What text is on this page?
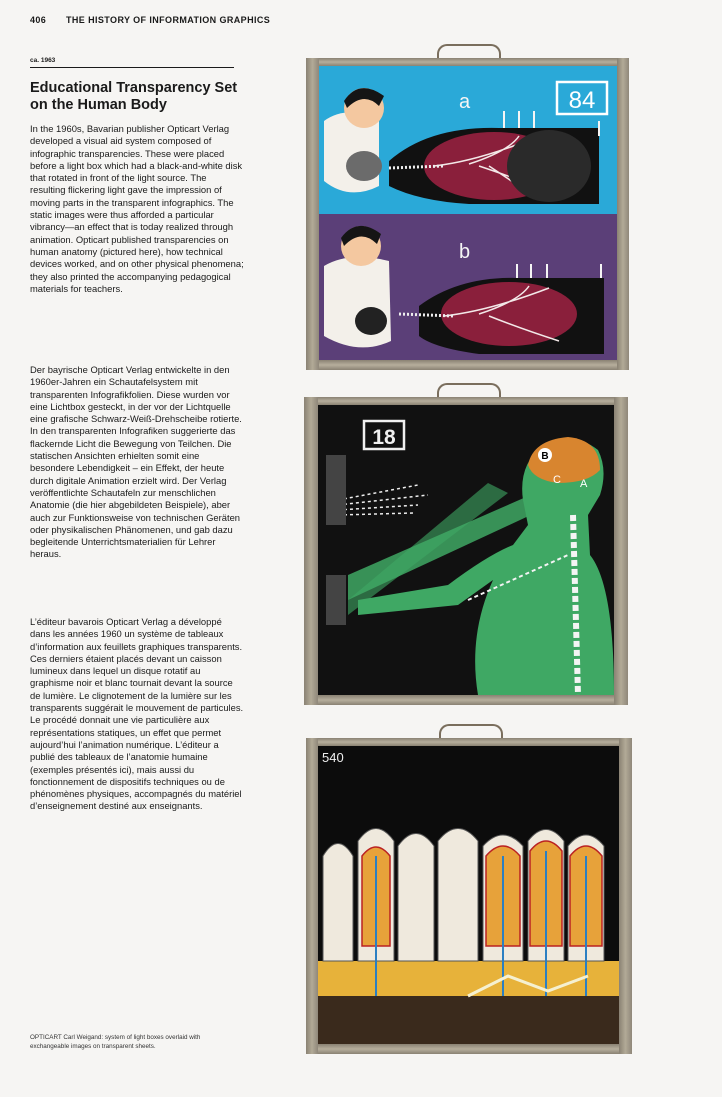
406 THE HISTORY OF INFORMATION GRAPHICS
ca. 1963
Educational Transparency Set on the Human Body

In the 1960s, Bavarian publisher Opticart Verlag developed a visual aid system composed of infographic transparencies. These were placed before a light box which had a black-and-white disk that rotated in front of the light source. The resulting flickering light gave the impression of moving parts in the transparent infographics. The static images were thus afforded a particular vibrancy—an effect that is today realized through animation. Opticart published transparencies on human anatomy (pictured here), how technical devices worked, and on other physical phenomena; they also printed the accompanying pedagogical materials for teachers.

Der bayrische Opticart Verlag entwickelte in den 1960er-Jahren ein Schautafelsystem mit transparenten Infografikfolien. Diese wurden vor eine Lichtbox gesteckt, in der vor der Lichtquelle eine grafische Schwarz-Weiß-Drehscheibe rotierte. In den transparenten Infografiken suggerierte das flackernde Licht die Bewegung von Teilchen. Die statischen Ansichten erhielten somit eine besondere Lebendigkeit – ein Effekt, der heute durch digitale Animation erzielt wird. Der Verlag veröffentlichte Schautafeln zur menschlichen Anatomie (die hier abgebildeten Beispiele), aber auch zur Funktionsweise von technischen Geräten oder physikalischen Phänomenen, und gab dazu begleitende Unterrichtsmaterialien für Lehrer heraus.

L’éditeur bavarois Opticart Verlag a développé dans les années 1960 un système de tableaux d’information aux feuillets graphiques transparents. Ces derniers étaient placés devant un caisson lumineux dans lequel un disque rotatif au graphisme noir et blanc tournait devant la source de lumière. Le clignotement de la lumière sur les transparents suggérait le mouvement de particules. Le procédé donnait une vie particulière aux représentations statiques, un effet que permet aujourd’hui l’animation numérique. L’éditeur a publié des tableaux de l’anatomie humaine (exemples présentés ici), mais aussi du fonctionnement de dispositifs techniques ou de phénomènes physiques, accompagnés du matériel d’enseignement destiné aux enseignants.

OPTICART Carl Weigand: system of light boxes overlaid with exchangeable images on transparent sheets.
a	84
b
18
B
C A
540
